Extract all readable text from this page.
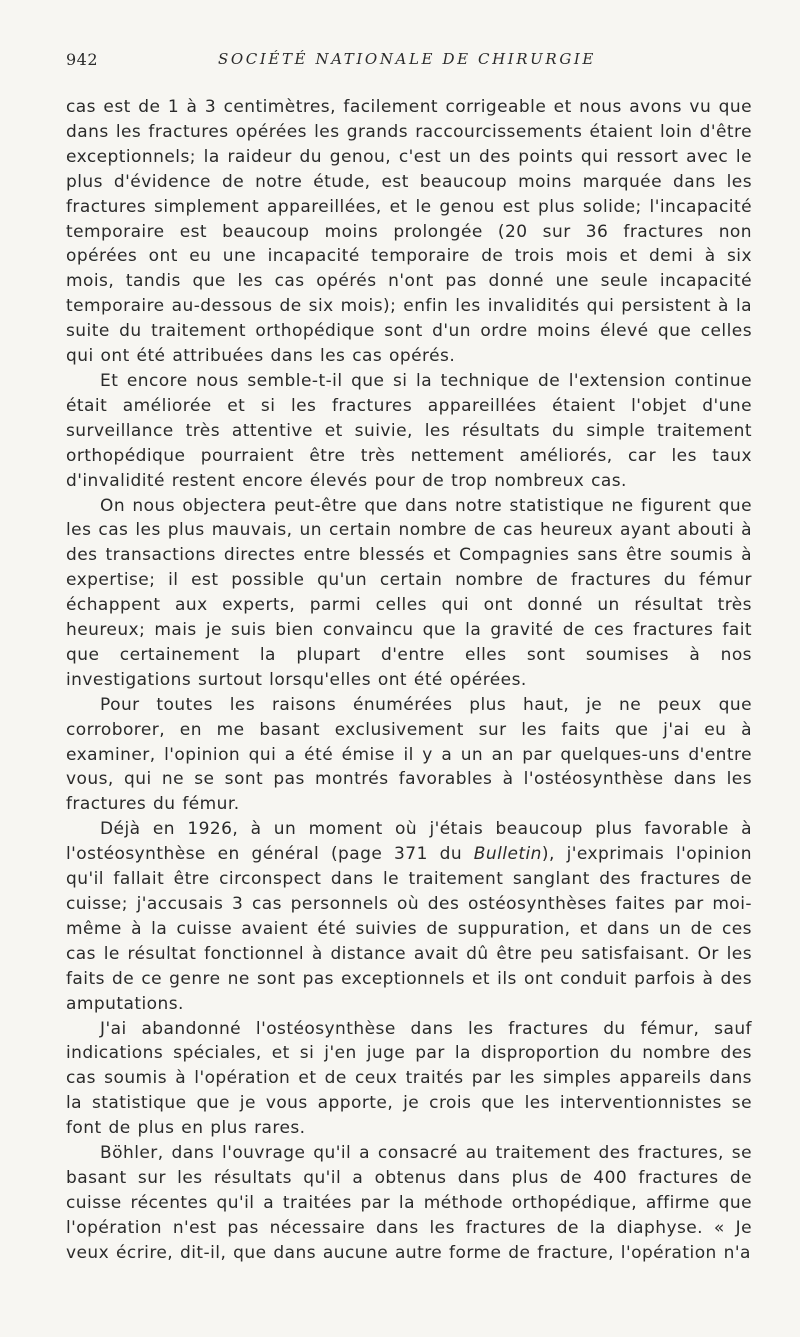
942	SOCIÉTÉ NATIONALE DE CHIRURGIE

cas est de 1 à 3 centimètres, facilement corrigeable et nous avons vu que dans les fractures opérées les grands raccourcissements étaient loin d'être exceptionnels; la raideur du genou, c'est un des points qui ressort avec le plus d'évidence de notre étude, est beaucoup moins marquée dans les fractures simplement appareillées, et le genou est plus solide; l'incapacité temporaire est beaucoup moins prolongée (20 sur 36 fractures non opérées ont eu une incapacité temporaire de trois mois et demi à six mois, tandis que les cas opérés n'ont pas donné une seule incapacité temporaire au-dessous de six mois); enfin les invalidités qui persistent à la suite du traitement orthopédique sont d'un ordre moins élevé que celles qui ont été attribuées dans les cas opérés.

Et encore nous semble-t-il que si la technique de l'extension continue était améliorée et si les fractures appareillées étaient l'objet d'une surveillance très attentive et suivie, les résultats du simple traitement orthopédique pourraient être très nettement améliorés, car les taux d'invalidité restent encore élevés pour de trop nombreux cas.

On nous objectera peut-être que dans notre statistique ne figurent que les cas les plus mauvais, un certain nombre de cas heureux ayant abouti à des transactions directes entre blessés et Compagnies sans être soumis à expertise; il est possible qu'un certain nombre de fractures du fémur échappent aux experts, parmi celles qui ont donné un résultat très heureux; mais je suis bien convaincu que la gravité de ces fractures fait que certainement la plupart d'entre elles sont soumises à nos investigations surtout lorsqu'elles ont été opérées.

Pour toutes les raisons énumérées plus haut, je ne peux que corroborer, en me basant exclusivement sur les faits que j'ai eu à examiner, l'opinion qui a été émise il y a un an par quelques-uns d'entre vous, qui ne se sont pas montrés favorables à l'ostéosynthèse dans les fractures du fémur.

Déjà en 1926, à un moment où j'étais beaucoup plus favorable à l'ostéosynthèse en général (page 371 du Bulletin), j'exprimais l'opinion qu'il fallait être circonspect dans le traitement sanglant des fractures de cuisse; j'accusais 3 cas personnels où des ostéosynthèses faites par moi-même à la cuisse avaient été suivies de suppuration, et dans un de ces cas le résultat fonctionnel à distance avait dû être peu satisfaisant. Or les faits de ce genre ne sont pas exceptionnels et ils ont conduit parfois à des amputations.

J'ai abandonné l'ostéosynthèse dans les fractures du fémur, sauf indications spéciales, et si j'en juge par la disproportion du nombre des cas soumis à l'opération et de ceux traités par les simples appareils dans la statistique que je vous apporte, je crois que les interventionnistes se font de plus en plus rares.

Böhler, dans l'ouvrage qu'il a consacré au traitement des fractures, se basant sur les résultats qu'il a obtenus dans plus de 400 fractures de cuisse récentes qu'il a traitées par la méthode orthopédique, affirme que l'opération n'est pas nécessaire dans les fractures de la diaphyse. « Je veux écrire, dit-il, que dans aucune autre forme de fracture, l'opération n'a
